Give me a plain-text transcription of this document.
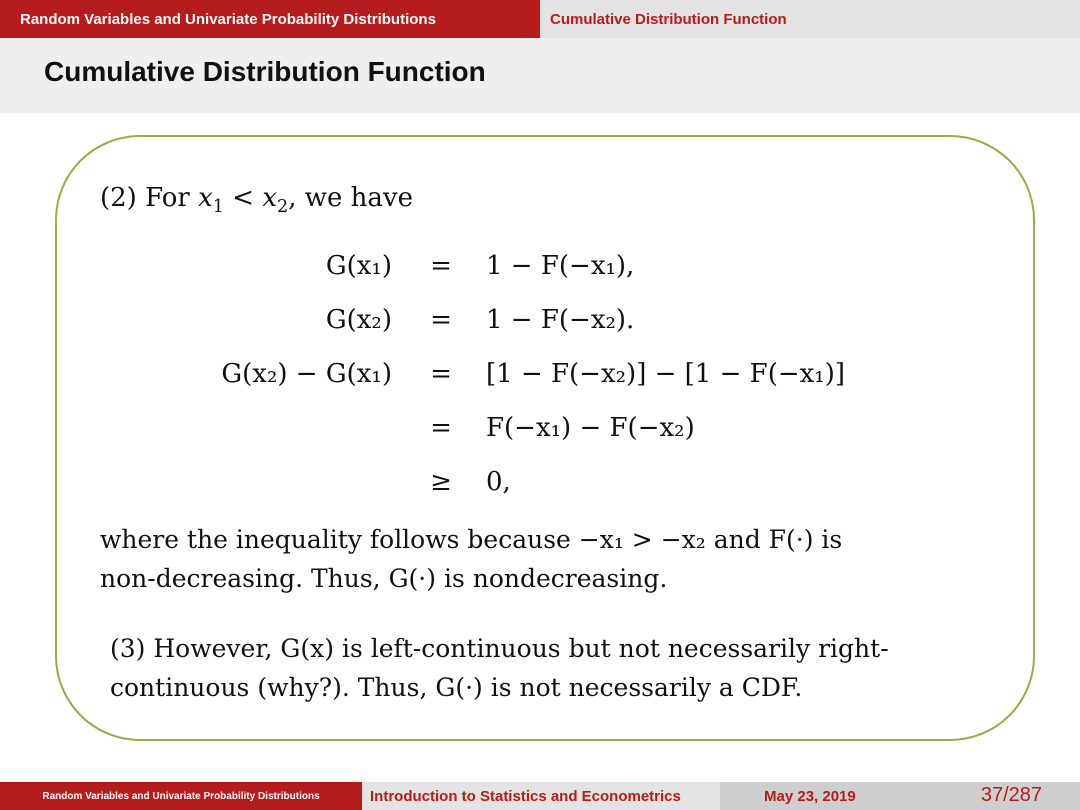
Random Variables and Univariate Probability Distributions	Cumulative Distribution Function
Cumulative Distribution Function
(2) For $x_1 < x_2$, we have
G(x₁) = 1 − F(−x₁),
G(x₂) = 1 − F(−x₂).
G(x₂) − G(x₁) = [1 − F(−x₂)] − [1 − F(−x₁)]
= F(−x₁) − F(−x₂)
≥ 0,
where the inequality follows because −x₁ > −x₂ and F(·) is
non-decreasing. Thus, G(·) is nondecreasing.
(3) However, G(x) is left-continuous but not necessarily right-
continuous (why?). Thus, G(·) is not necessarily a CDF.
Random Variables and Univariate Probability Distributions	Introduction to Statistics and Econometrics	May 23, 2019	37/287
